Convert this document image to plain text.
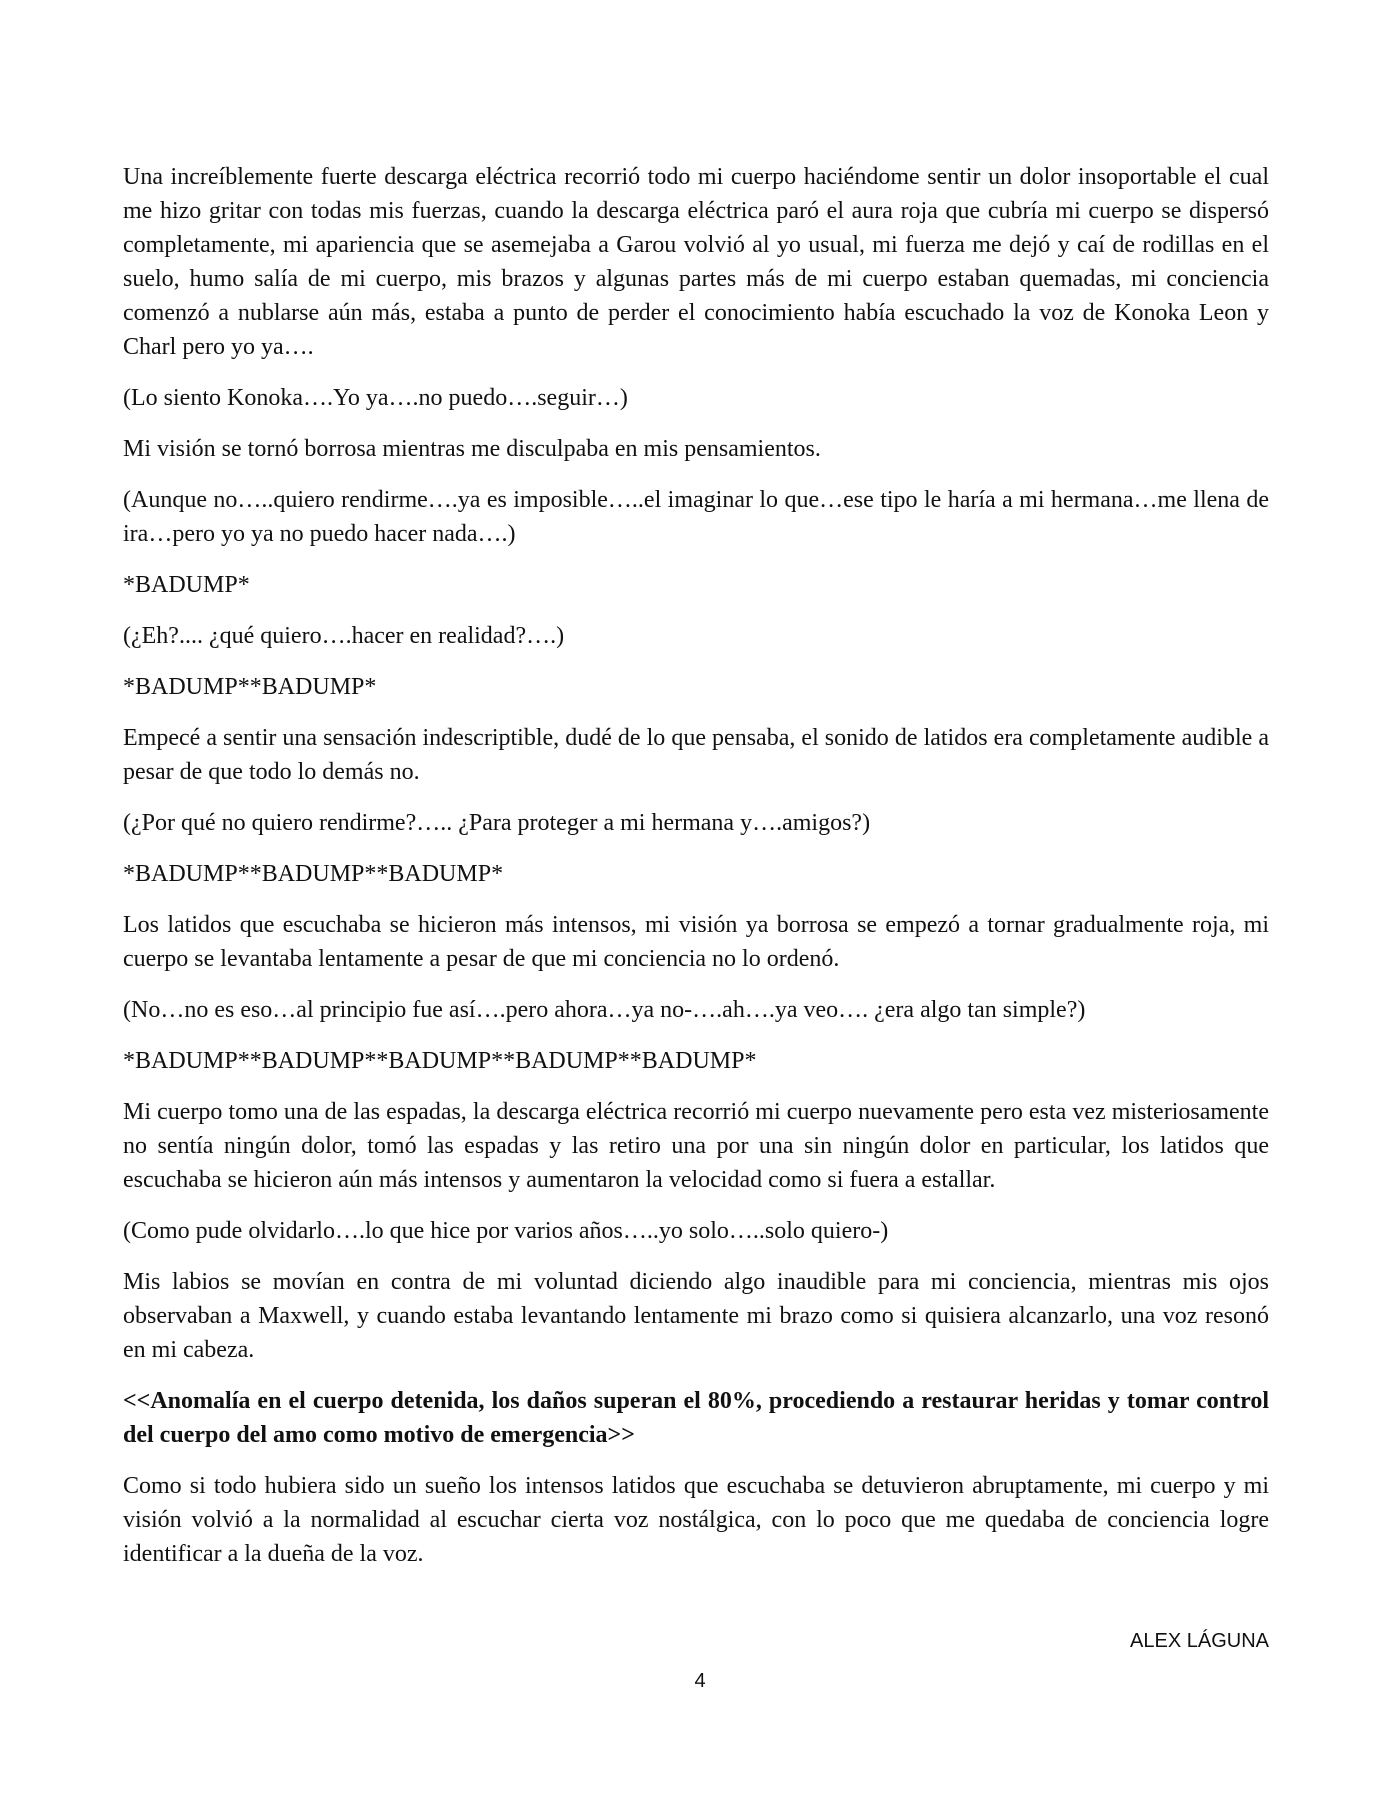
Una increíblemente fuerte descarga eléctrica recorrió todo mi cuerpo haciéndome sentir un dolor insoportable el cual me hizo gritar con todas mis fuerzas, cuando la descarga eléctrica paró el aura roja que cubría mi cuerpo se dispersó completamente, mi apariencia que se asemejaba a Garou volvió al yo usual, mi fuerza me dejó y caí de rodillas en el suelo, humo salía de mi cuerpo, mis brazos y algunas partes más de mi cuerpo estaban quemadas, mi conciencia comenzó a nublarse aún más, estaba a punto de perder el conocimiento había escuchado la voz de Konoka Leon y Charl pero yo ya….

(Lo siento Konoka….Yo ya….no puedo….seguir…)

Mi visión se tornó borrosa mientras me disculpaba en mis pensamientos.

(Aunque no…..quiero rendirme….ya es imposible…..el imaginar lo que…ese tipo le haría a mi hermana…me llena de ira…pero yo ya no puedo hacer nada….)

*BADUMP*

(¿Eh?.... ¿qué quiero….hacer en realidad?….)

*BADUMP**BADUMP*

Empecé a sentir una sensación indescriptible, dudé de lo que pensaba, el sonido de latidos era completamente audible a pesar de que todo lo demás no.

(¿Por qué no quiero rendirme?….. ¿Para proteger a mi hermana y….amigos?)

*BADUMP**BADUMP**BADUMP*

Los latidos que escuchaba se hicieron más intensos, mi visión ya borrosa se empezó a tornar gradualmente roja, mi cuerpo se levantaba lentamente a pesar de que mi conciencia no lo ordenó.

(No…no es eso…al principio fue así….pero ahora…ya no-….ah….ya veo…. ¿era algo tan simple?)

*BADUMP**BADUMP**BADUMP**BADUMP**BADUMP*

Mi cuerpo tomo una de las espadas, la descarga eléctrica recorrió mi cuerpo nuevamente pero esta vez misteriosamente no sentía ningún dolor, tomó las espadas y las retiro una por una sin ningún dolor en particular, los latidos que escuchaba se hicieron aún más intensos y aumentaron la velocidad como si fuera a estallar.

(Como pude olvidarlo….lo que hice por varios años…..yo solo…..solo quiero-)

Mis labios se movían en contra de mi voluntad diciendo algo inaudible para mi conciencia, mientras mis ojos observaban a Maxwell, y cuando estaba levantando lentamente mi brazo como si quisiera alcanzarlo, una voz resonó en mi cabeza.

<<Anomalía en el cuerpo detenida, los daños superan el 80%, procediendo a restaurar heridas y tomar control del cuerpo del amo como motivo de emergencia>>

Como si todo hubiera sido un sueño los intensos latidos que escuchaba se detuvieron abruptamente, mi cuerpo y mi visión volvió a la normalidad al escuchar cierta voz nostálgica, con lo poco que me quedaba de conciencia logre identificar a la dueña de la voz.

ALEX LÁGUNA
4
